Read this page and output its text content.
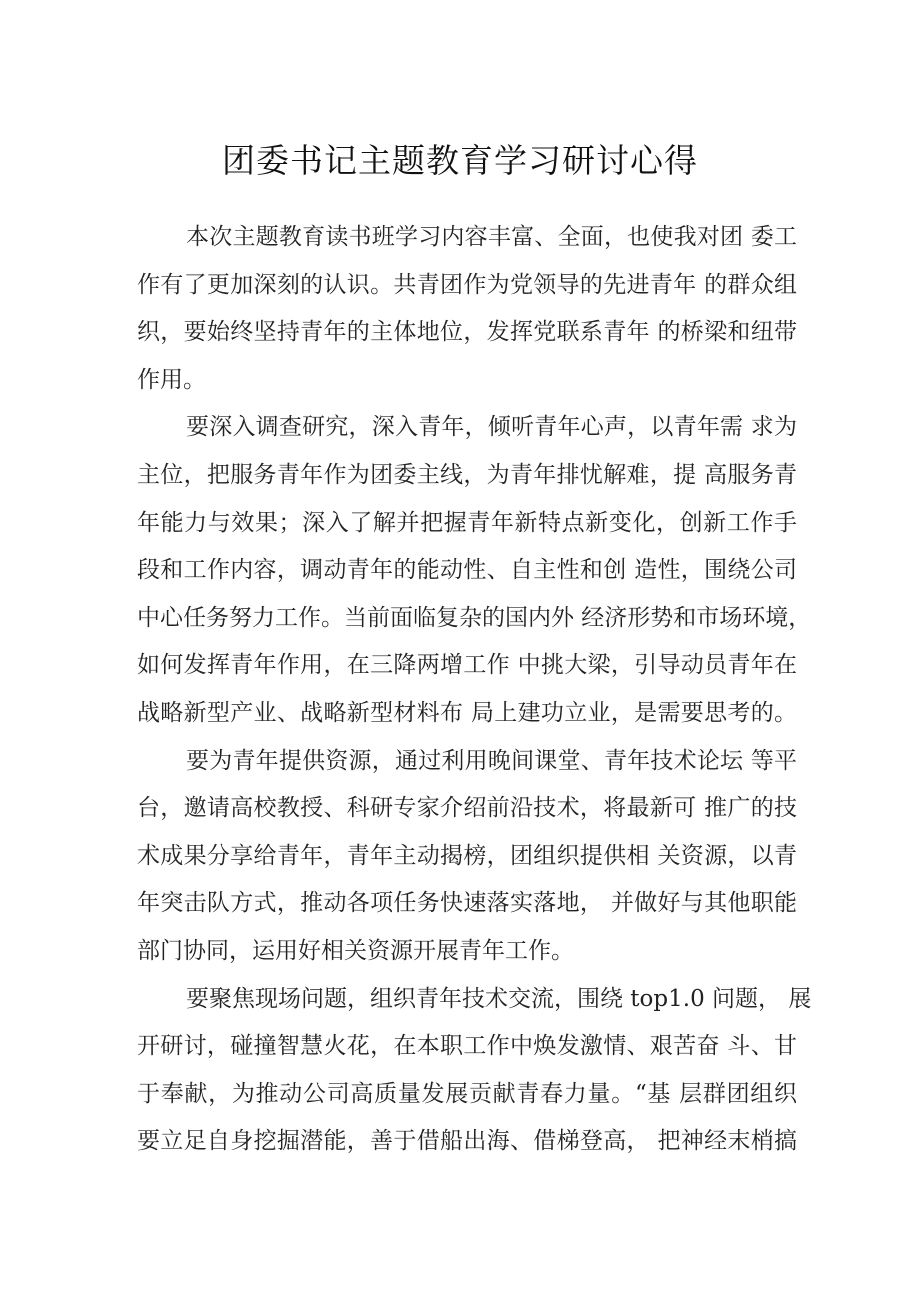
团委书记主题教育学习研讨心得
本次主题教育读书班学习内容丰富、全面，也使我对团 委工
作有了更加深刻的认识。共青团作为党领导的先进青年 的群众组
织，要始终坚持青年的主体地位，发挥党联系青年 的桥梁和纽带
作用。
要深入调查研究，深入青年，倾听青年心声，以青年需 求为
主位，把服务青年作为团委主线，为青年排忧解难，提 高服务青
年能力与效果；深入了解并把握青年新特点新变化，创新工作手
段和工作内容，调动青年的能动性、自主性和创 造性，围绕公司
中心任务努力工作。当前面临复杂的国内外 经济形势和市场环境，
如何发挥青年作用，在三降两增工作 中挑大梁，引导动员青年在
战略新型产业、战略新型材料布 局上建功立业，是需要思考的。
要为青年提供资源，通过利用晚间课堂、青年技术论坛 等平
台，邀请高校教授、科研专家介绍前沿技术，将最新可 推广的技
术成果分享给青年，青年主动揭榜，团组织提供相 关资源，以青
年突击队方式，推动各项任务快速落实落地， 并做好与其他职能
部门协同，运用好相关资源开展青年工作。
要聚焦现场问题，组织青年技术交流，围绕 top1.0 问题， 展
开研讨，碰撞智慧火花，在本职工作中焕发激情、艰苦奋 斗、甘
于奉献，为推动公司高质量发展贡献青春力量。“基 层群团组织
要立足自身挖掘潜能，善于借船出海、借梯登高， 把神经末梢搞
